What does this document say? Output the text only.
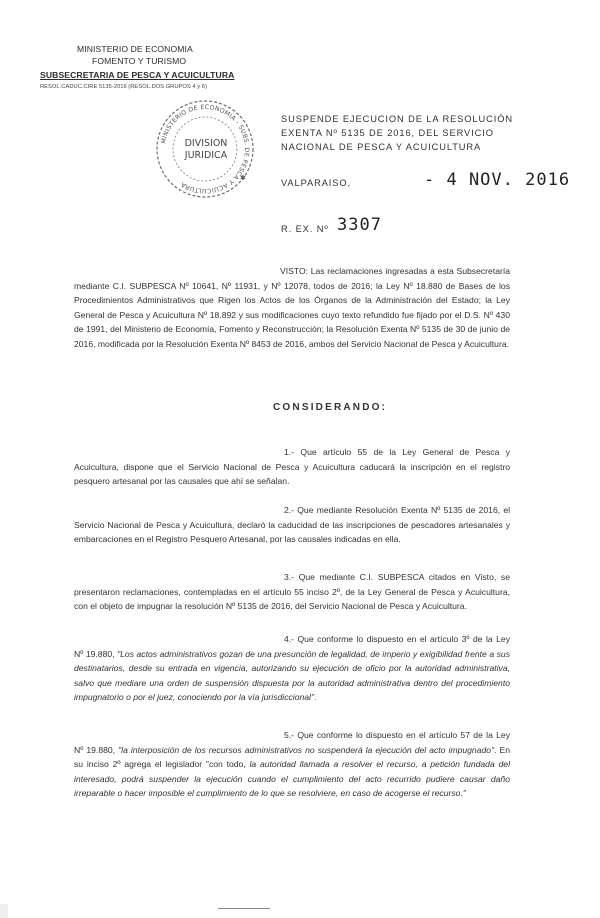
MINISTERIO DE ECONOMIA
FOMENTO Y TURISMO
SUBSECRETARIA DE PESCA Y ACUICULTURA
RESOL.CADUC.CIRE 5135-2016 (RESOL.DOS GRUPOS 4 y 6)
MINISTERIO DE ECONOMIA - SUBS. DE PESCA Y ACUICULTURA
DIVISION
JURIDICA
✱
SUSPENDE EJECUCION DE LA RESOLUCIÓN
EXENTA Nº 5135 DE 2016, DEL SERVICIO
NACIONAL DE PESCA Y ACUICULTURA
VALPARAISO,	- 4 NOV. 2016
R. EX. Nº 3307
VISTO: Las reclamaciones ingresadas a esta Subsecretaría mediante C.I. SUBPESCA Nº 10641, Nº 11931, y Nº 12078, todos de 2016; la Ley Nº 18.880 de Bases de los Procedimientos Administrativos que Rigen los Actos de los Órganos de la Administración del Estado; la Ley General de Pesca y Acuicultura Nº 18.892 y sus modificaciones cuyo texto refundido fue fijado por el D.S. Nº 430 de 1991, del Ministerio de Economía, Fomento y Reconstrucción; la Resolución Exenta Nº 5135 de 30 de junio de 2016, modificada por la Resolución Exenta Nº 8453 de 2016, ambos del Servicio Nacional de Pesca y Acuicultura.
CONSIDERANDO:
1.- Que artículo 55 de la Ley General de Pesca y Acuicultura, dispone que el Servicio Nacional de Pesca y Acuicultura caducará la inscripción en el registro pesquero artesanal por las causales que ahí se señalan.
2.- Que mediante Resolución Exenta Nº 5135 de 2016, el Servicio Nacional de Pesca y Acuicultura, declaró la caducidad de las inscripciones de pescadores artesanales y embarcaciones en el Registro Pesquero Artesanal, por las causales indicadas en ella.
3.- Que mediante C.I. SUBPESCA citados en Visto, se presentaron reclamaciones, contempladas en el artículo 55 inciso 2º, de la Ley General de Pesca y Acuicultura, con el objeto de impugnar la resolución Nº 5135 de 2016, del Servicio Nacional de Pesca y Acuicultura.
4.- Que conforme lo dispuesto en el artículo 3º de la Ley Nº 19.880, "Los actos administrativos gozan de una presunción de legalidad, de imperio y exigibilidad frente a sus destinatarios, desde su entrada en vigencia, autorizando su ejecución de oficio por la autoridad administrativa, salvo que mediare una orden de suspensión dispuesta por la autoridad administrativa dentro del procedimiento impugnatorio o por el juez, conociendo por la vía jurisdiccional".
5.- Que conforme lo dispuesto en el artículo 57 de la Ley Nº 19.880, "la interposición de los recursos administrativos no suspenderá la ejecución del acto impugnado". En su inciso 2º agrega el legislador "con todo, la autoridad llamada a resolver el recurso, a petición fundada del interesado, podrá suspender la ejecución cuando el cumplimiento del acto recurrido pudiere causar daño irreparable o hacer imposible el cumplimiento de lo que se resolviere, en caso de acogerse el recurso."
